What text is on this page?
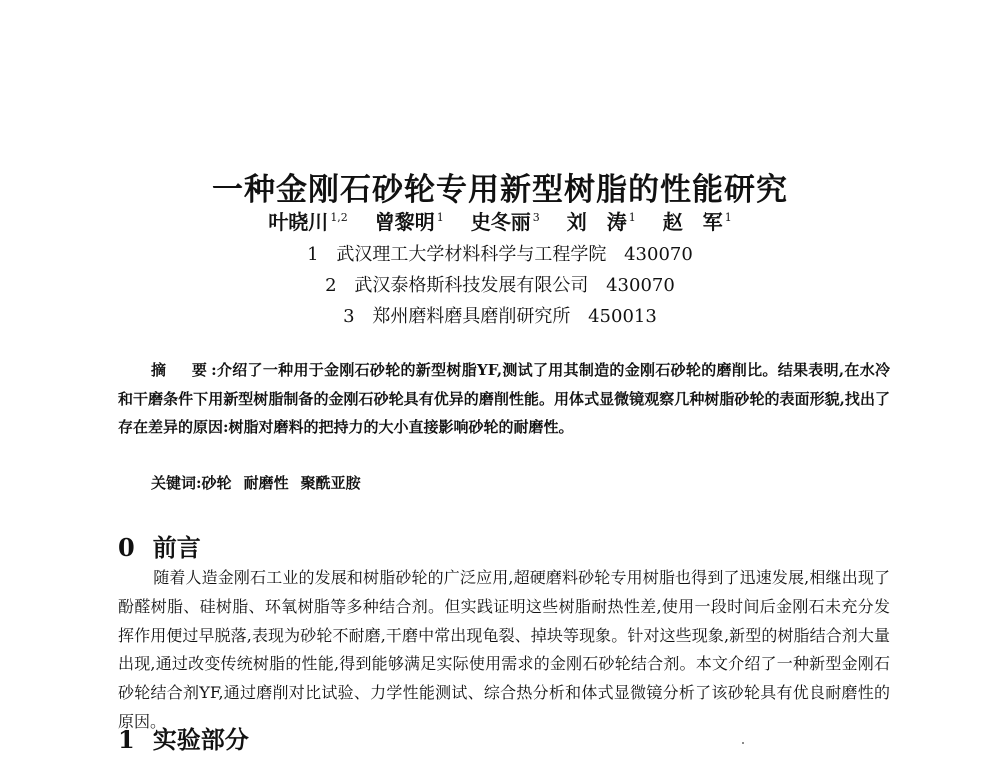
一种金刚石砂轮专用新型树脂的性能研究
叶晓川 $^{1,2}$ 曾黎明 $^1$ 史冬丽 $^3$ 刘　涛 $^1$ 赵　军 $^1$
1 武汉理工大学材料科学与工程学院 430070
2 武汉泰格斯科技发展有限公司 430070
3 郑州磨料磨具磨削研究所 450013
摘 要:介绍了一种用于金刚石砂轮的新型树脂YF,测试了用其制造的金刚石砂轮的磨削比。结果表明,在水冷和干磨条件下用新型树脂制备的金刚石砂轮具有优异的磨削性能。用体式显微镜观察几种树脂砂轮的表面形貌,找出了存在差异的原因:树脂对磨料的把持力的大小直接影响砂轮的耐磨性。
关键词:砂轮 耐磨性 聚酰亚胺
0 前言
随着人造金刚石工业的发展和树脂砂轮的广泛应用,超硬磨料砂轮专用树脂也得到了迅速发展,相继出现了酚醛树脂、硅树脂、环氧树脂等多种结合剂。但实践证明这些树脂耐热性差,使用一段时间后金刚石未充分发挥作用便过早脱落,表现为砂轮不耐磨,干磨中常出现龟裂、掉块等现象。针对这些现象,新型的树脂结合剂大量出现,通过改变传统树脂的性能,得到能够满足实际使用需求的金刚石砂轮结合剂。本文介绍了一种新型金刚石砂轮结合剂YF,通过磨削对比试验、力学性能测试、综合热分析和体式显微镜分析了该砂轮具有优良耐磨性的原因。
1 实验部分
